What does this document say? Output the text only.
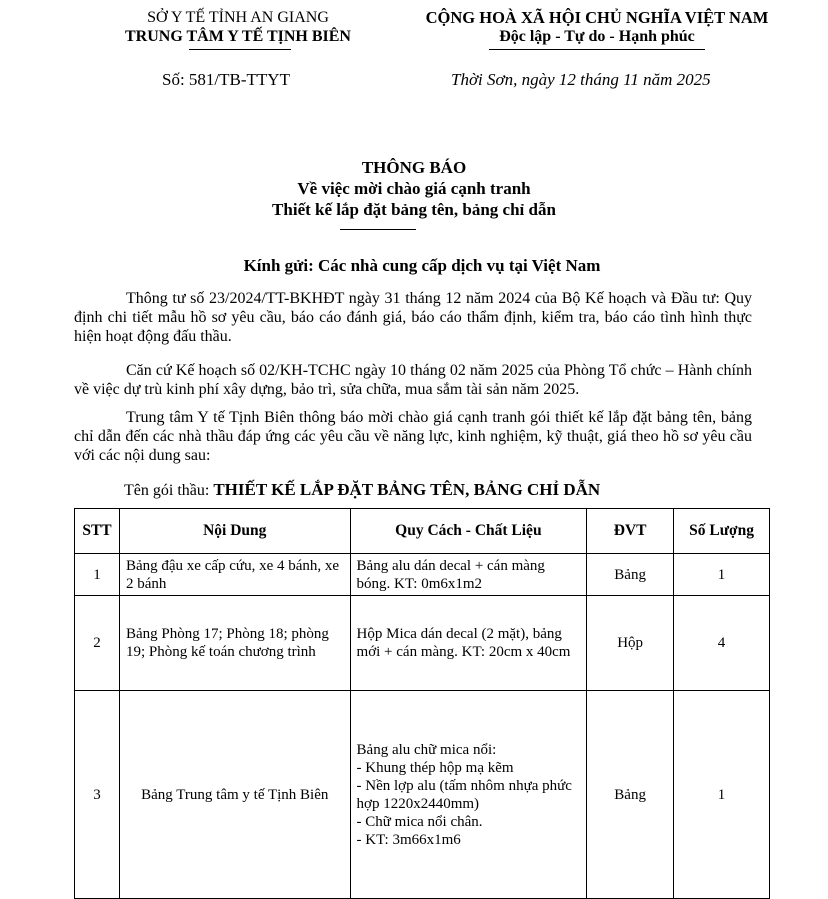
SỞ Y TẾ TỈNH AN GIANG
TRUNG TÂM Y TẾ TỊNH BIÊN
CỘNG HOÀ XÃ HỘI CHỦ NGHĨA VIỆT NAM
Độc lập - Tự do - Hạnh phúc
Số: 581/TB-TTYT	Thời Sơn, ngày 12 tháng 11 năm 2025
THÔNG BÁO
Về việc mời chào giá cạnh tranh
Thiết kế lắp đặt bảng tên, bảng chỉ dẫn
Kính gửi: Các nhà cung cấp dịch vụ tại Việt Nam
Thông tư số 23/2024/TT-BKHĐT ngày 31 tháng 12 năm 2024 của Bộ Kế hoạch và Đầu tư: Quy định chi tiết mẫu hồ sơ yêu cầu, báo cáo đánh giá, báo cáo thẩm định, kiểm tra, báo cáo tình hình thực hiện hoạt động đấu thầu.
Căn cứ Kế hoạch số 02/KH-TCHC ngày 10 tháng 02 năm 2025 của Phòng Tổ chức – Hành chính về việc dự trù kinh phí xây dựng, bảo trì, sửa chữa, mua sắm tài sản năm 2025.
Trung tâm Y tế Tịnh Biên thông báo mời chào giá cạnh tranh gói thiết kế lắp đặt bảng tên, bảng chỉ dẫn đến các nhà thầu đáp ứng các yêu cầu về năng lực, kinh nghiệm, kỹ thuật, giá theo hồ sơ yêu cầu với các nội dung sau:
Tên gói thầu: THIẾT KẾ LẮP ĐẶT BẢNG TÊN, BẢNG CHỈ DẪN
STT	Nội Dung	Quy Cách - Chất Liệu	ĐVT	Số Lượng
1	Bảng đậu xe cấp cứu, xe 4 bánh, xe 2 bánh	Bảng alu dán decal + cán màng bóng. KT: 0m6x1m2	Bảng	1
2	Bảng Phòng 17; Phòng 18; phòng 19; Phòng kế toán chương trình	Hộp Mica dán decal (2 mặt), bảng mới + cán màng. KT: 20cm x 40cm	Hộp	4
3	Bảng Trung tâm y tế Tịnh Biên	Bảng alu chữ mica nổi:
- Khung thép hộp mạ kẽm
- Nền lợp alu (tấm nhôm nhựa phức hợp 1220x2440mm)
- Chữ mica nổi chân.
- KT: 3m66x1m6	Bảng	1
